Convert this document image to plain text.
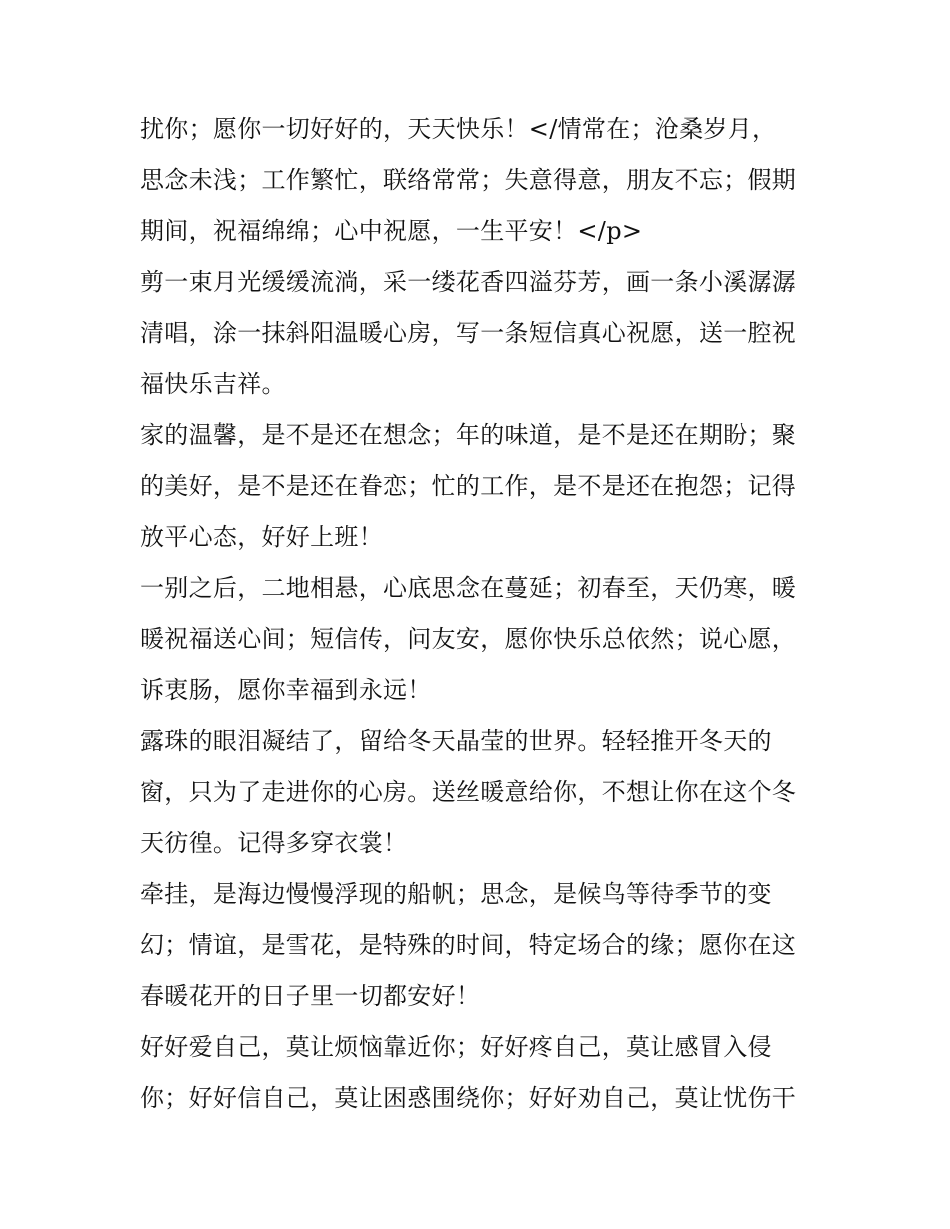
扰你；愿你一切好好的，天天快乐！</情常在；沧桑岁月，
思念未浅；工作繁忙，联络常常；失意得意，朋友不忘；假期
期间，祝福绵绵；心中祝愿，一生平安！</p>
剪一束月光缓缓流淌，采一缕花香四溢芬芳，画一条小溪潺潺
清唱，涂一抹斜阳温暖心房，写一条短信真心祝愿，送一腔祝
福快乐吉祥。
家的温馨，是不是还在想念；年的味道，是不是还在期盼；聚
的美好，是不是还在眷恋；忙的工作，是不是还在抱怨；记得
放平心态，好好上班！
一别之后，二地相悬，心底思念在蔓延；初春至，天仍寒，暖
暖祝福送心间；短信传，问友安，愿你快乐总依然；说心愿，
诉衷肠，愿你幸福到永远！
露珠的眼泪凝结了，留给冬天晶莹的世界。轻轻推开冬天的
窗，只为了走进你的心房。送丝暖意给你，不想让你在这个冬
天彷徨。记得多穿衣裳！
牵挂，是海边慢慢浮现的船帆；思念，是候鸟等待季节的变
幻；情谊，是雪花，是特殊的时间，特定场合的缘；愿你在这
春暖花开的日子里一切都安好！
好好爱自己，莫让烦恼靠近你；好好疼自己，莫让感冒入侵
你；好好信自己，莫让困惑围绕你；好好劝自己，莫让忧伤干
